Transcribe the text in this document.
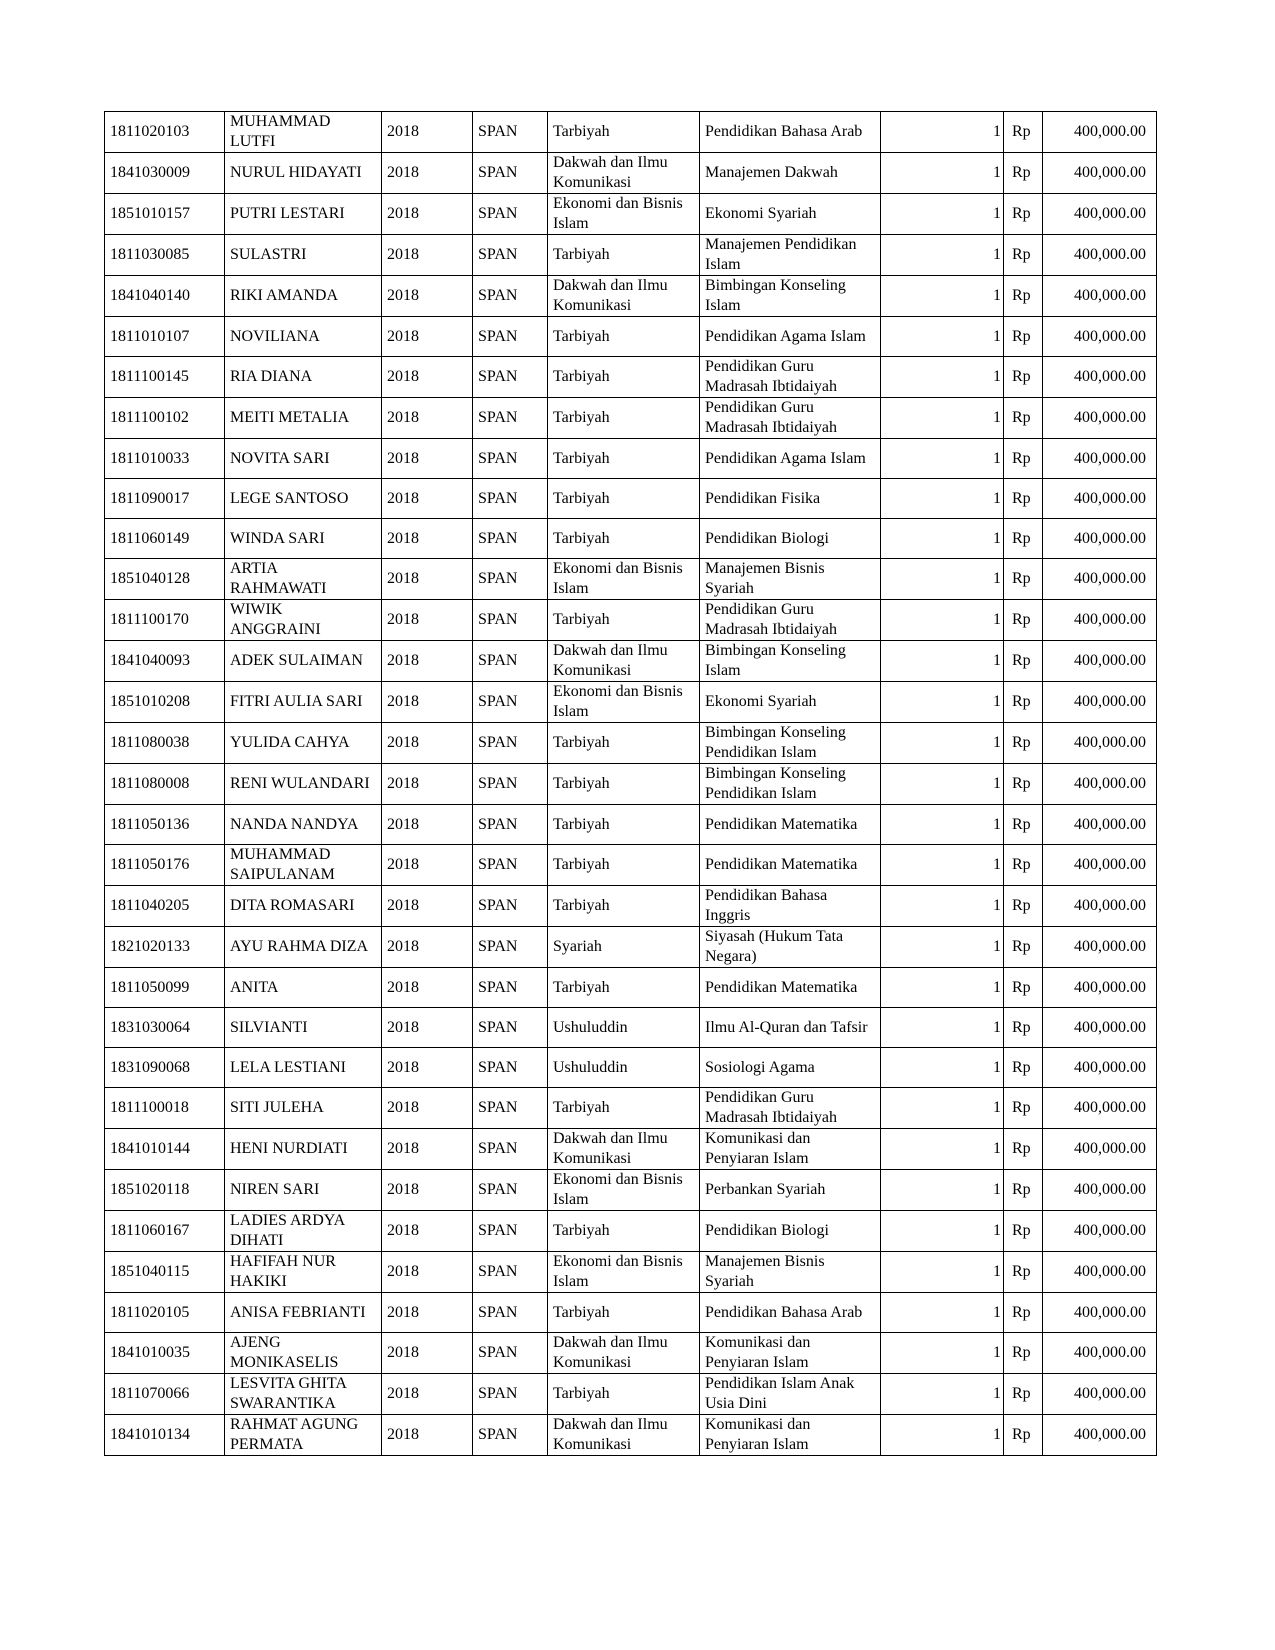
1811020103	MUHAMMAD LUTFI	2018	SPAN	Tarbiyah	Pendidikan Bahasa Arab	1	Rp	400,000.00
1841030009	NURUL HIDAYATI	2018	SPAN	Dakwah dan Ilmu Komunikasi	Manajemen Dakwah	1	Rp	400,000.00
1851010157	PUTRI LESTARI	2018	SPAN	Ekonomi dan Bisnis Islam	Ekonomi Syariah	1	Rp	400,000.00
1811030085	SULASTRI	2018	SPAN	Tarbiyah	Manajemen Pendidikan Islam	1	Rp	400,000.00
1841040140	RIKI AMANDA	2018	SPAN	Dakwah dan Ilmu Komunikasi	Bimbingan Konseling Islam	1	Rp	400,000.00
1811010107	NOVILIANA	2018	SPAN	Tarbiyah	Pendidikan Agama Islam	1	Rp	400,000.00
1811100145	RIA DIANA	2018	SPAN	Tarbiyah	Pendidikan Guru Madrasah Ibtidaiyah	1	Rp	400,000.00
1811100102	MEITI METALIA	2018	SPAN	Tarbiyah	Pendidikan Guru Madrasah Ibtidaiyah	1	Rp	400,000.00
1811010033	NOVITA SARI	2018	SPAN	Tarbiyah	Pendidikan Agama Islam	1	Rp	400,000.00
1811090017	LEGE SANTOSO	2018	SPAN	Tarbiyah	Pendidikan Fisika	1	Rp	400,000.00
1811060149	WINDA SARI	2018	SPAN	Tarbiyah	Pendidikan Biologi	1	Rp	400,000.00
1851040128	ARTIA RAHMAWATI	2018	SPAN	Ekonomi dan Bisnis Islam	Manajemen Bisnis Syariah	1	Rp	400,000.00
1811100170	WIWIK ANGGRAINI	2018	SPAN	Tarbiyah	Pendidikan Guru Madrasah Ibtidaiyah	1	Rp	400,000.00
1841040093	ADEK SULAIMAN	2018	SPAN	Dakwah dan Ilmu Komunikasi	Bimbingan Konseling Islam	1	Rp	400,000.00
1851010208	FITRI AULIA SARI	2018	SPAN	Ekonomi dan Bisnis Islam	Ekonomi Syariah	1	Rp	400,000.00
1811080038	YULIDA CAHYA	2018	SPAN	Tarbiyah	Bimbingan Konseling Pendidikan Islam	1	Rp	400,000.00
1811080008	RENI WULANDARI	2018	SPAN	Tarbiyah	Bimbingan Konseling Pendidikan Islam	1	Rp	400,000.00
1811050136	NANDA NANDYA	2018	SPAN	Tarbiyah	Pendidikan Matematika	1	Rp	400,000.00
1811050176	MUHAMMAD SAIPULANAM	2018	SPAN	Tarbiyah	Pendidikan Matematika	1	Rp	400,000.00
1811040205	DITA ROMASARI	2018	SPAN	Tarbiyah	Pendidikan Bahasa Inggris	1	Rp	400,000.00
1821020133	AYU RAHMA DIZA	2018	SPAN	Syariah	Siyasah (Hukum Tata Negara)	1	Rp	400,000.00
1811050099	ANITA	2018	SPAN	Tarbiyah	Pendidikan Matematika	1	Rp	400,000.00
1831030064	SILVIANTI	2018	SPAN	Ushuluddin	Ilmu Al-Quran dan Tafsir	1	Rp	400,000.00
1831090068	LELA LESTIANI	2018	SPAN	Ushuluddin	Sosiologi Agama	1	Rp	400,000.00
1811100018	SITI JULEHA	2018	SPAN	Tarbiyah	Pendidikan Guru Madrasah Ibtidaiyah	1	Rp	400,000.00
1841010144	HENI NURDIATI	2018	SPAN	Dakwah dan Ilmu Komunikasi	Komunikasi dan Penyiaran Islam	1	Rp	400,000.00
1851020118	NIREN SARI	2018	SPAN	Ekonomi dan Bisnis Islam	Perbankan Syariah	1	Rp	400,000.00
1811060167	LADIES ARDYA DIHATI	2018	SPAN	Tarbiyah	Pendidikan Biologi	1	Rp	400,000.00
1851040115	HAFIFAH NUR HAKIKI	2018	SPAN	Ekonomi dan Bisnis Islam	Manajemen Bisnis Syariah	1	Rp	400,000.00
1811020105	ANISA FEBRIANTI	2018	SPAN	Tarbiyah	Pendidikan Bahasa Arab	1	Rp	400,000.00
1841010035	AJENG MONIKASELIS	2018	SPAN	Dakwah dan Ilmu Komunikasi	Komunikasi dan Penyiaran Islam	1	Rp	400,000.00
1811070066	LESVITA GHITA SWARANTIKA	2018	SPAN	Tarbiyah	Pendidikan Islam Anak Usia Dini	1	Rp	400,000.00
1841010134	RAHMAT AGUNG PERMATA	2018	SPAN	Dakwah dan Ilmu Komunikasi	Komunikasi dan Penyiaran Islam	1	Rp	400,000.00
